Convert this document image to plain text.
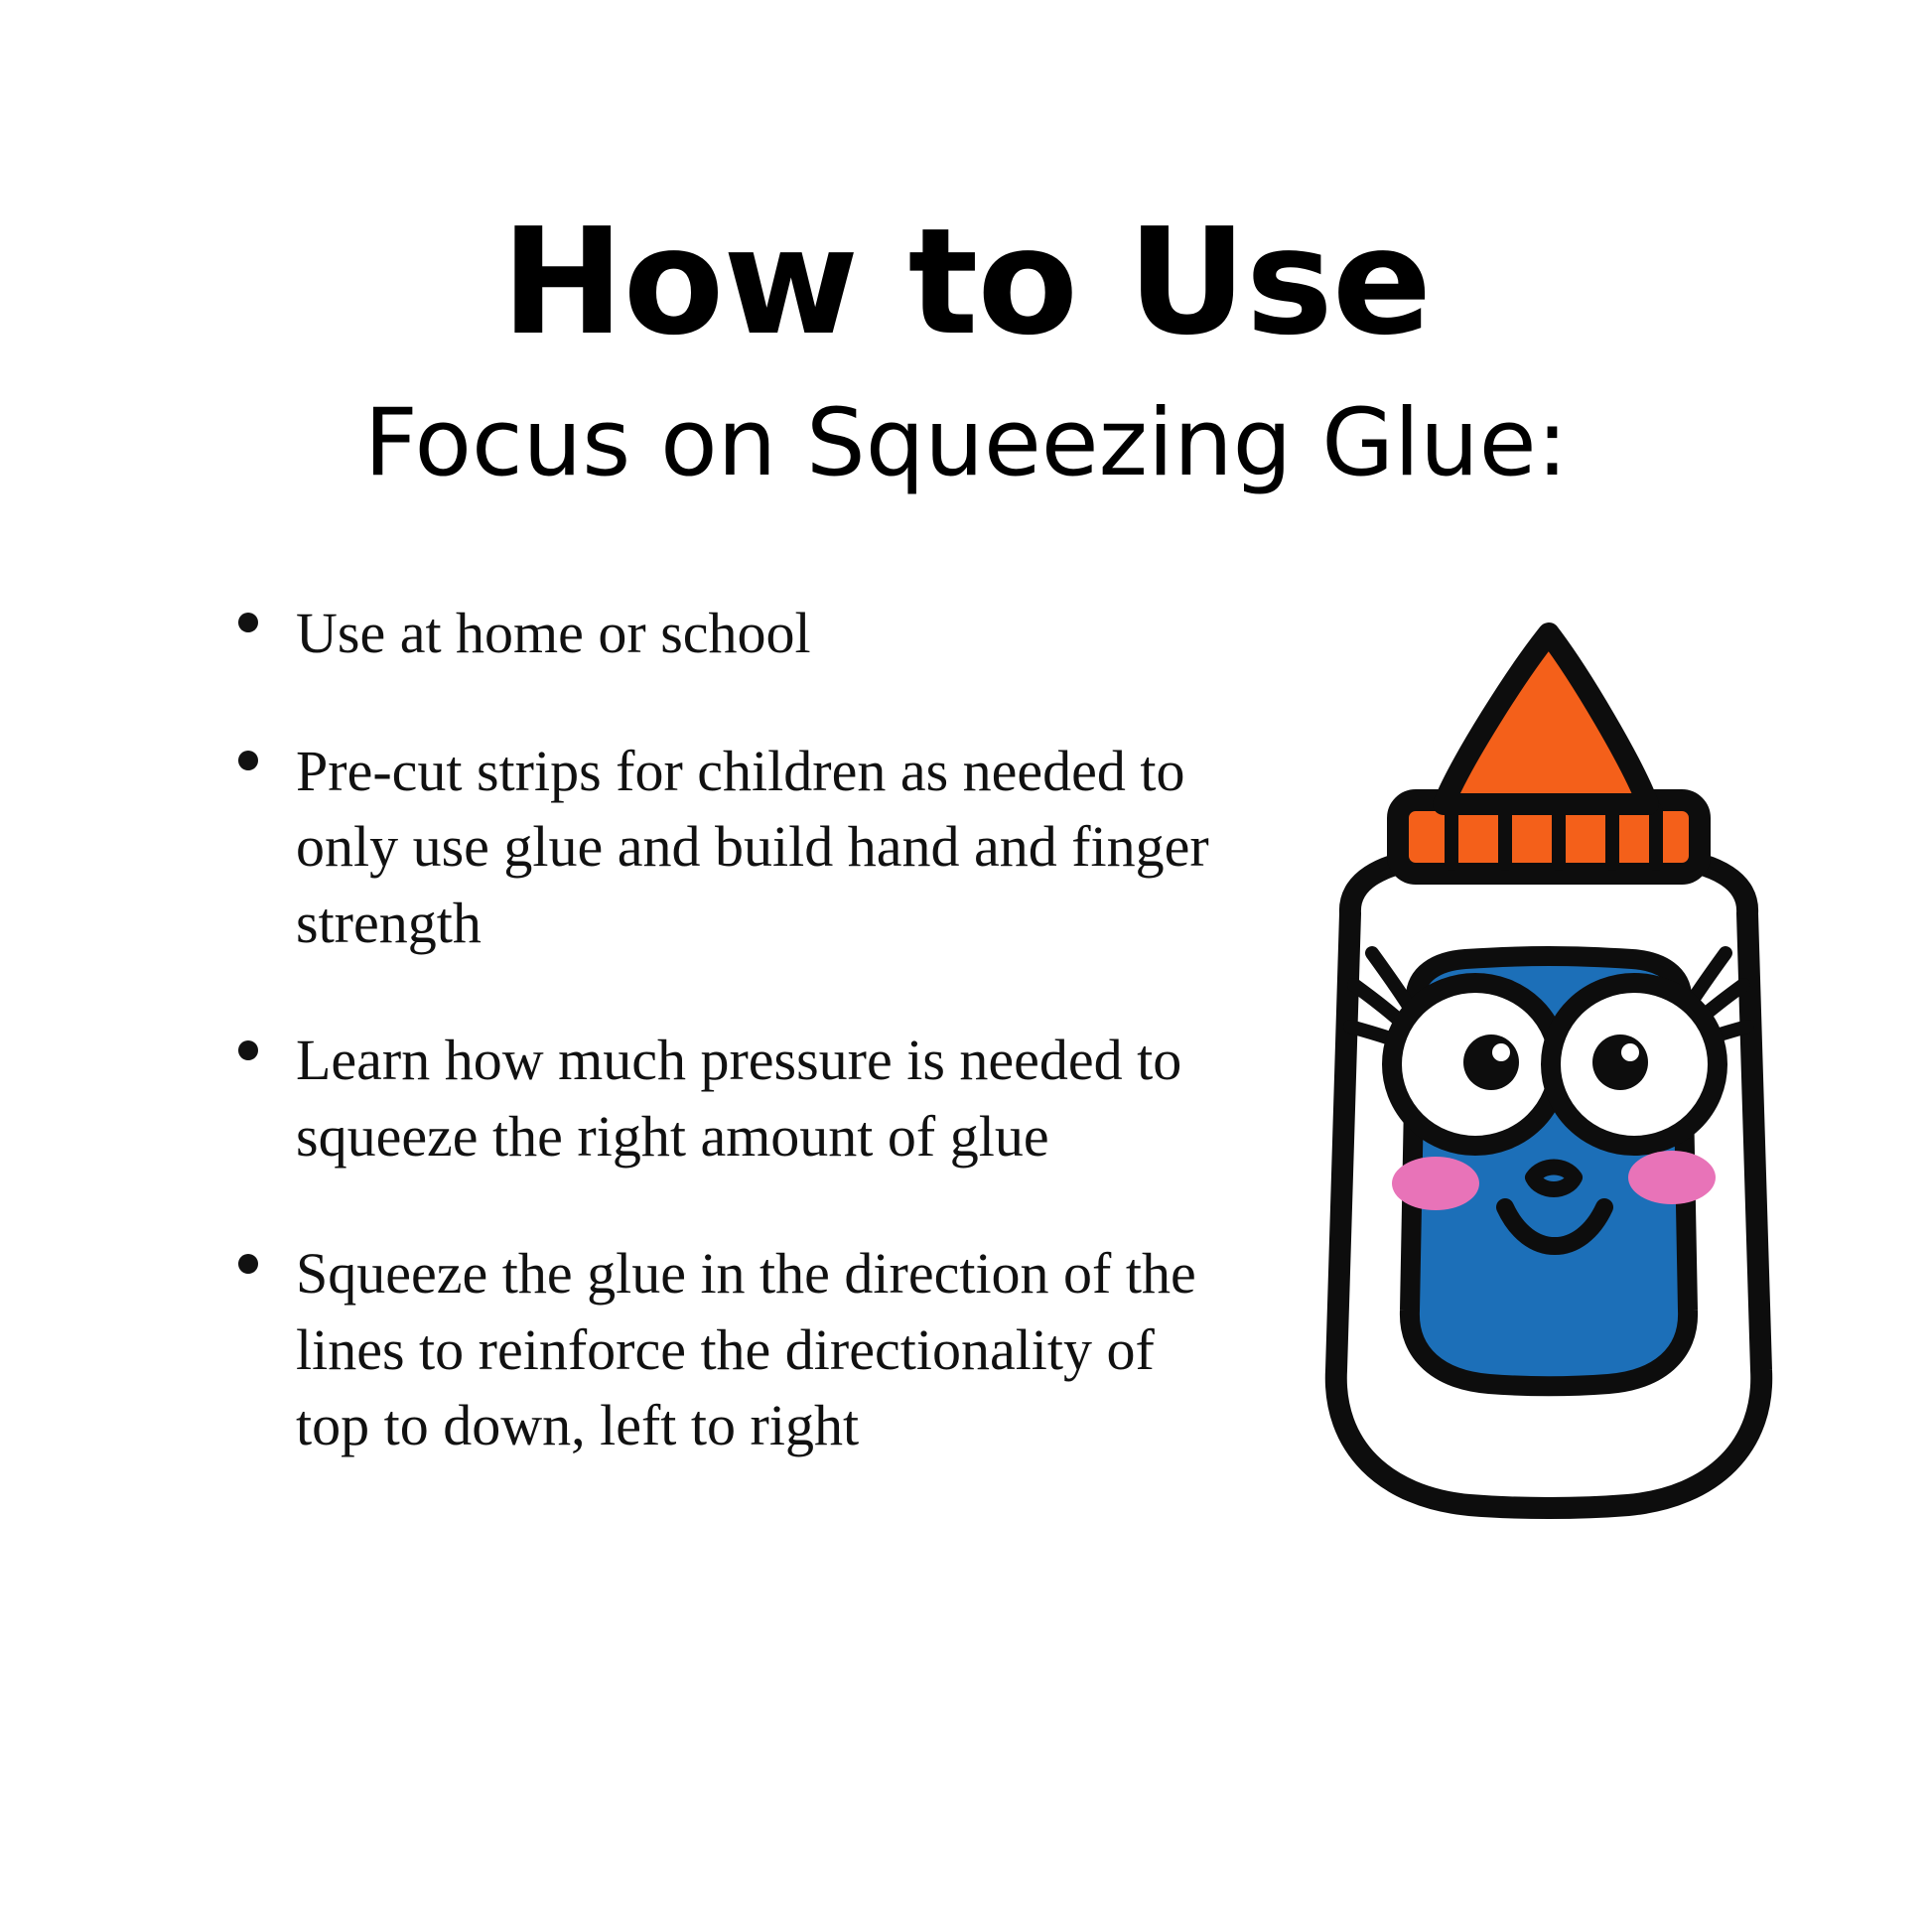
How to Use
Focus on Squeezing Glue:
Use at home or school
Pre-cut strips for children as needed to only use glue and build hand and finger strength
Learn how much pressure is needed to squeeze the right amount of glue
Squeeze the glue in the direction of the lines to reinforce the directionality of top to down, left to right
